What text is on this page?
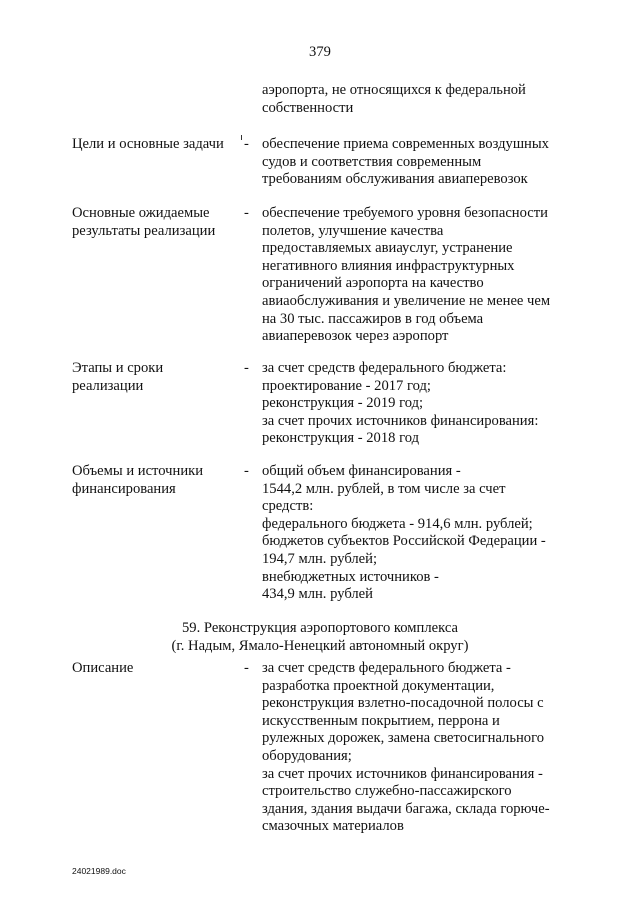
379
аэропорта, не относящихся к федеральной
собственности
Цели и основные задачи	- обеспечение приема современных воздушных
судов и соответствия современным
требованиям обслуживания авиаперевозок
Основные ожидаемые
результаты реализации
- обеспечение требуемого уровня безопасности
полетов, улучшение качества
предоставляемых авиауслуг, устранение
негативного влияния инфраструктурных
ограничений аэропорта на качество
авиаобслуживания и увеличение не менее чем
на 30 тыс. пассажиров в год объема
авиаперевозок через аэропорт
Этапы и сроки
реализации
- за счет средств федерального бюджета:
проектирование - 2017 год;
реконструкция - 2019 год;
за счет прочих источников финансирования:
реконструкция - 2018 год
Объемы и источники
финансирования
- общий объем финансирования -
1544,2 млн. рублей, в том числе за счет
средств:
федерального бюджета - 914,6 млн. рублей;
бюджетов субъектов Российской Федерации -
194,7 млн. рублей;
внебюджетных источников -
434,9 млн. рублей
59. Реконструкция аэропортового комплекса
(г. Надым, Ямало-Ненецкий автономный округ)
Описание	- за счет средств федерального бюджета -
разработка проектной документации,
реконструкция взлетно-посадочной полосы с
искусственным покрытием, перрона и
рулежных дорожек, замена светосигнального
оборудования;
за счет прочих источников финансирования -
строительство служебно-пассажирского
здания, здания выдачи багажа, склада горюче-
смазочных материалов
24021989.doc
